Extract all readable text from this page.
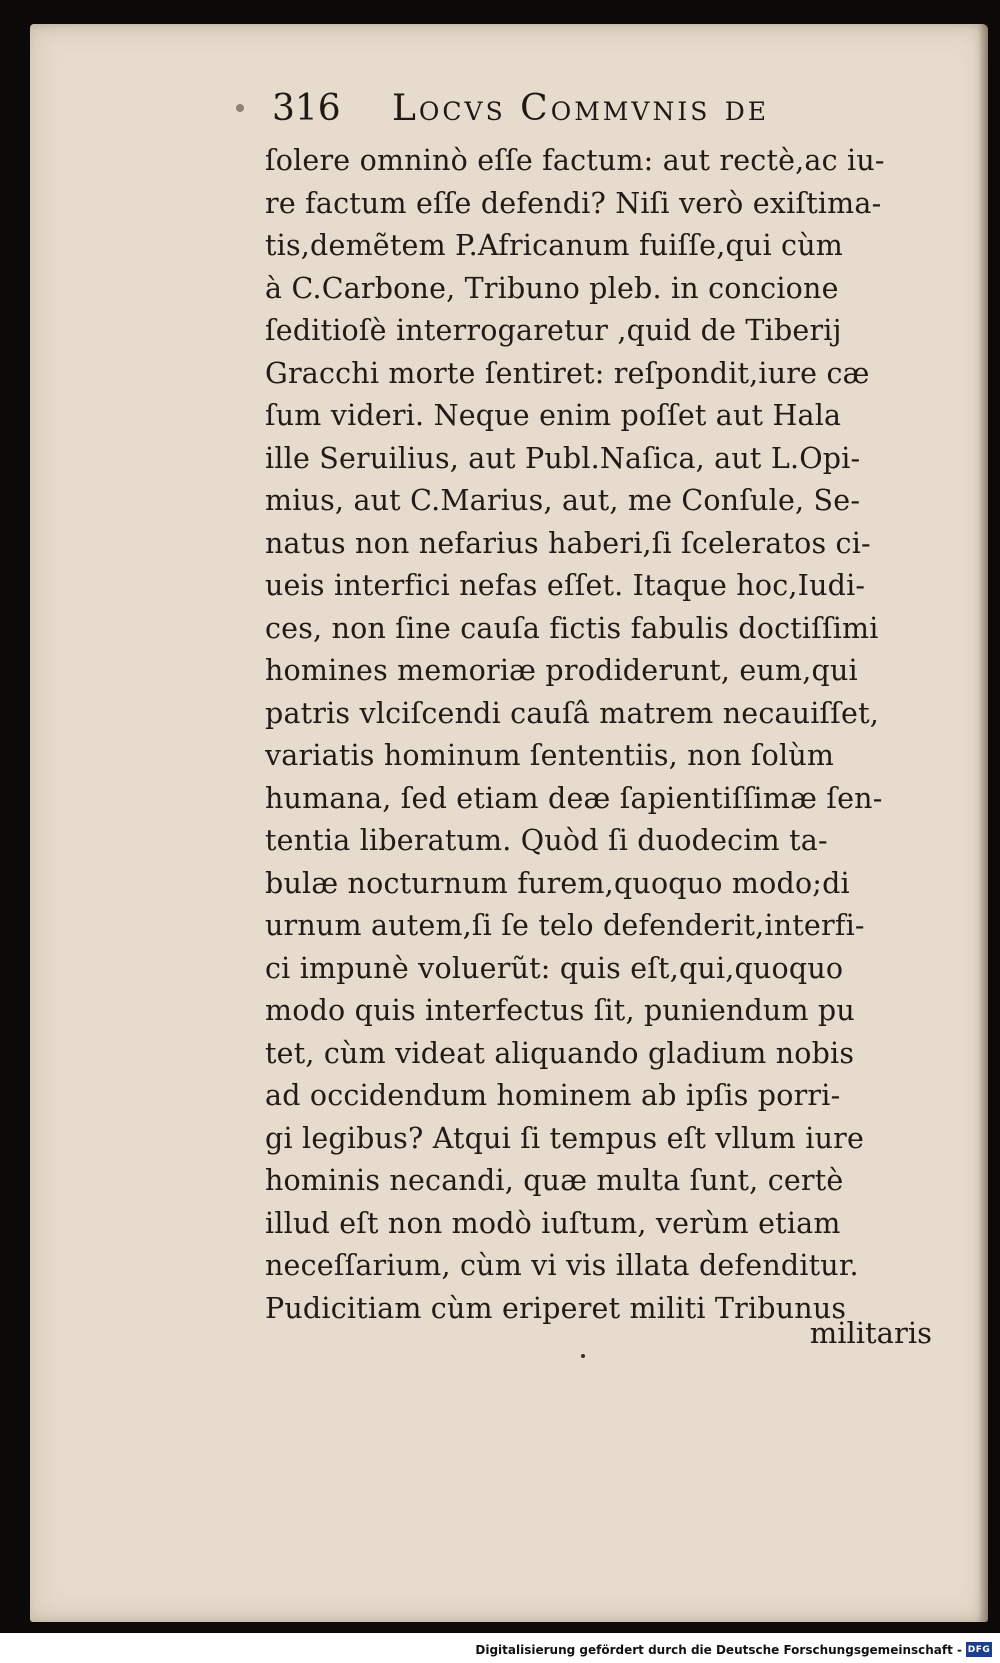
316 Locvs Commvnis de
ſolere omninò eſſe factum: aut rectè,ac iu-
re factum eſſe defendi? Niſi verò exiſtima-
tis,demẽtem P.Africanum fuiſſe,qui cùm
à C.Carbone, Tribuno pleb. in concione
ſeditioſè interrogaretur ,quid de Tiberij
Gracchi morte ſentiret: reſpondit,iure cæ
ſum videri. Neque enim poſſet aut Hala
ille Seruilius, aut Publ.Naſica, aut L.Opi-
mius, aut C.Marius, aut, me Conſule, Se-
natus non nefarius haberi,ſi ſceleratos ci-
ueis interfici nefas eſſet. Itaque hoc,Iudi-
ces, non ſine cauſa fictis fabulis doctiſſimi
homines memoriæ prodiderunt, eum,qui
patris vlciſcendi cauſâ matrem necauiſſet,
variatis hominum ſententiis, non ſolùm
humana, ſed etiam deæ ſapientiſſimæ ſen-
tentia liberatum. Quòd ſi duodecim ta-
bulæ nocturnum furem,quoquo modo;di
urnum autem,ſi ſe telo defenderit,interfi-
ci impunè voluerũt: quis eſt,qui,quoquo
modo quis interfectus ſit, puniendum pu
tet, cùm videat aliquando gladium nobis
ad occidendum hominem ab ipſis porri-
gi legibus? Atqui ſi tempus eſt vllum iure
hominis necandi, quæ multa ſunt, certè
illud eſt non modò iuſtum, verùm etiam
neceſſarium, cùm vi vis illata defenditur.
Pudicitiam cùm eriperet militi Tribunus
militaris
Digitalisierung gefördert durch die Deutsche Forschungsgemeinschaft - DFG
